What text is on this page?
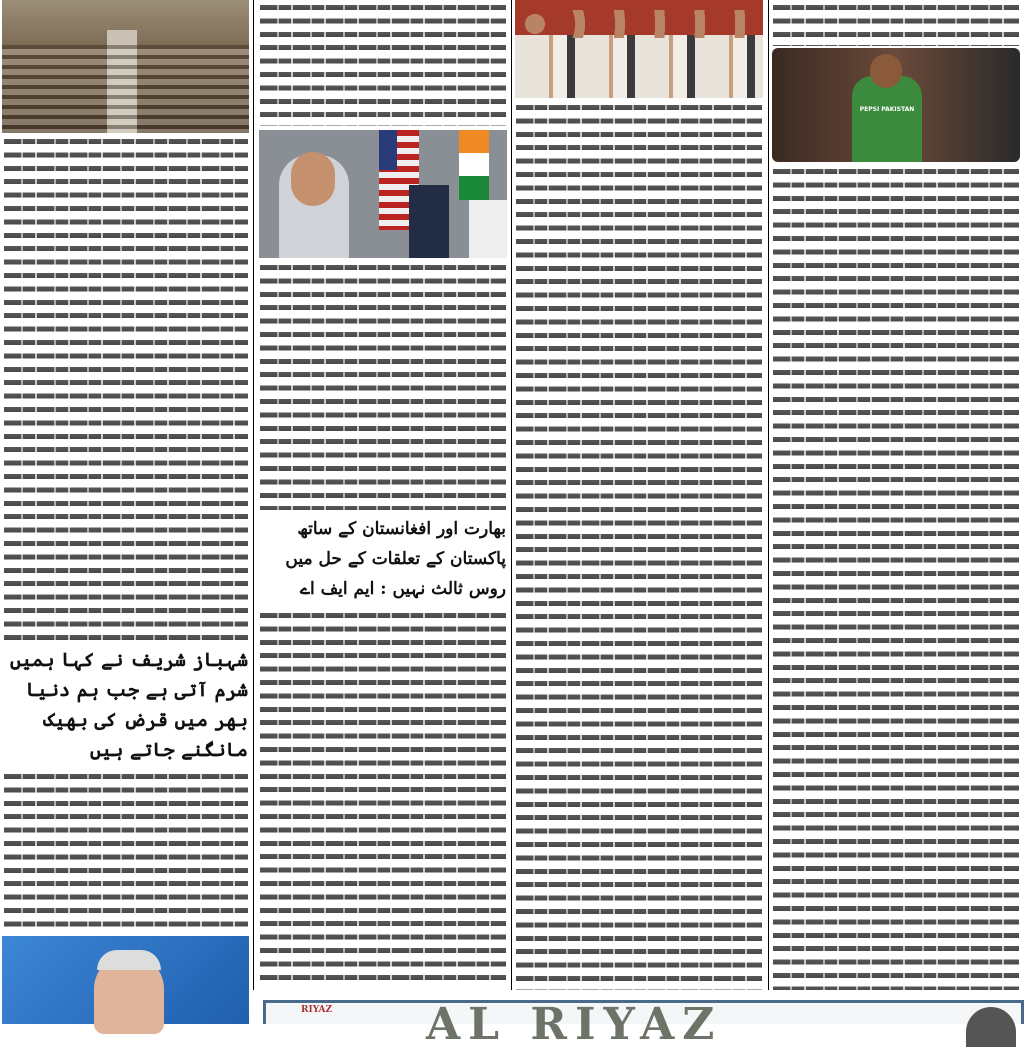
شہباز شریف نے کہا ہمیں شرم آتی ہے جب ہم دنیا بھر میں قرض کی بھیک مانگنے جاتے ہیں
بھارت اور افغانستان کے ساتھ پاکستان کے تعلقات کے حل میں روس ثالث نہیں : ایم ایف اے
PEPSI PAKISTAN
RIYAZ AL RIYAZ
